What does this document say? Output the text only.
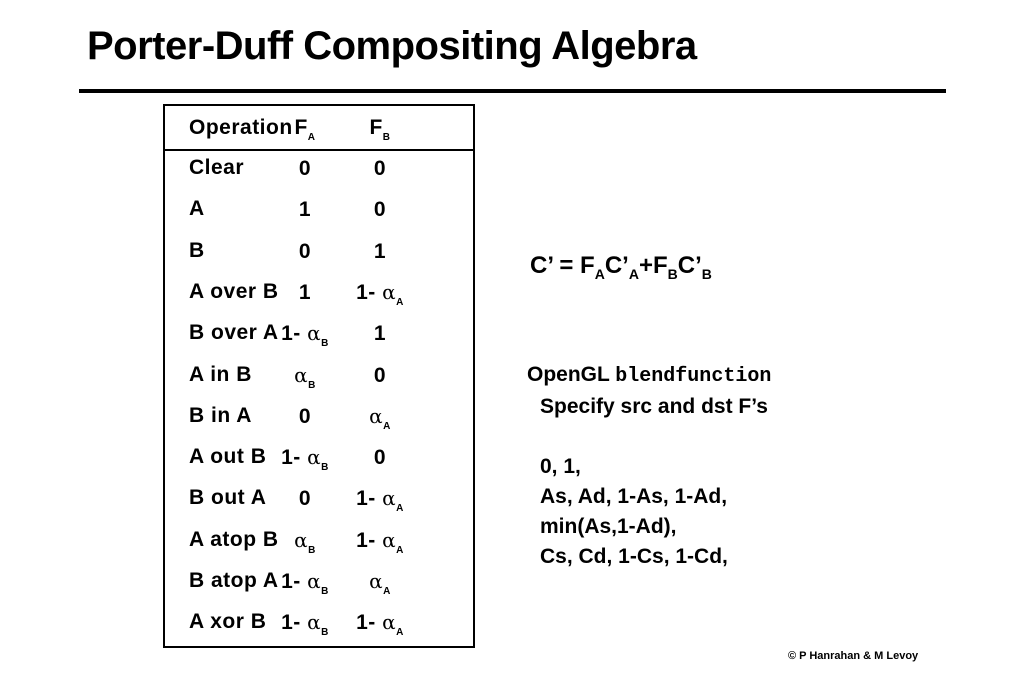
Porter-Duff Compositing Algebra
Operation $F_A$	$F_B$
Clear	0	0
A	1	0
B	0	1
A over B 1	1- $\alpha_A$
B over A 1- $\alpha_B$	1
A in B	$\alpha_B$	0
B in A	0	$\alpha_A$
A out B 1- $\alpha_B$	0
B out A	0	1- $\alpha_A$
A atop B $\alpha_B$	1- $\alpha_A$
B atop A 1- $\alpha_B$	$\alpha_A$
A xor B 1- $\alpha_B$	1- $\alpha_A$
C’ = $F_AC’_A+F_BC’_B$
OpenGL blendfunction
Specify src and dst F’s
0, 1,
As, Ad, 1-As, 1-Ad,
min(As,1-Ad),
Cs, Cd, 1-Cs, 1-Cd,
© P Hanrahan & M Levoy
